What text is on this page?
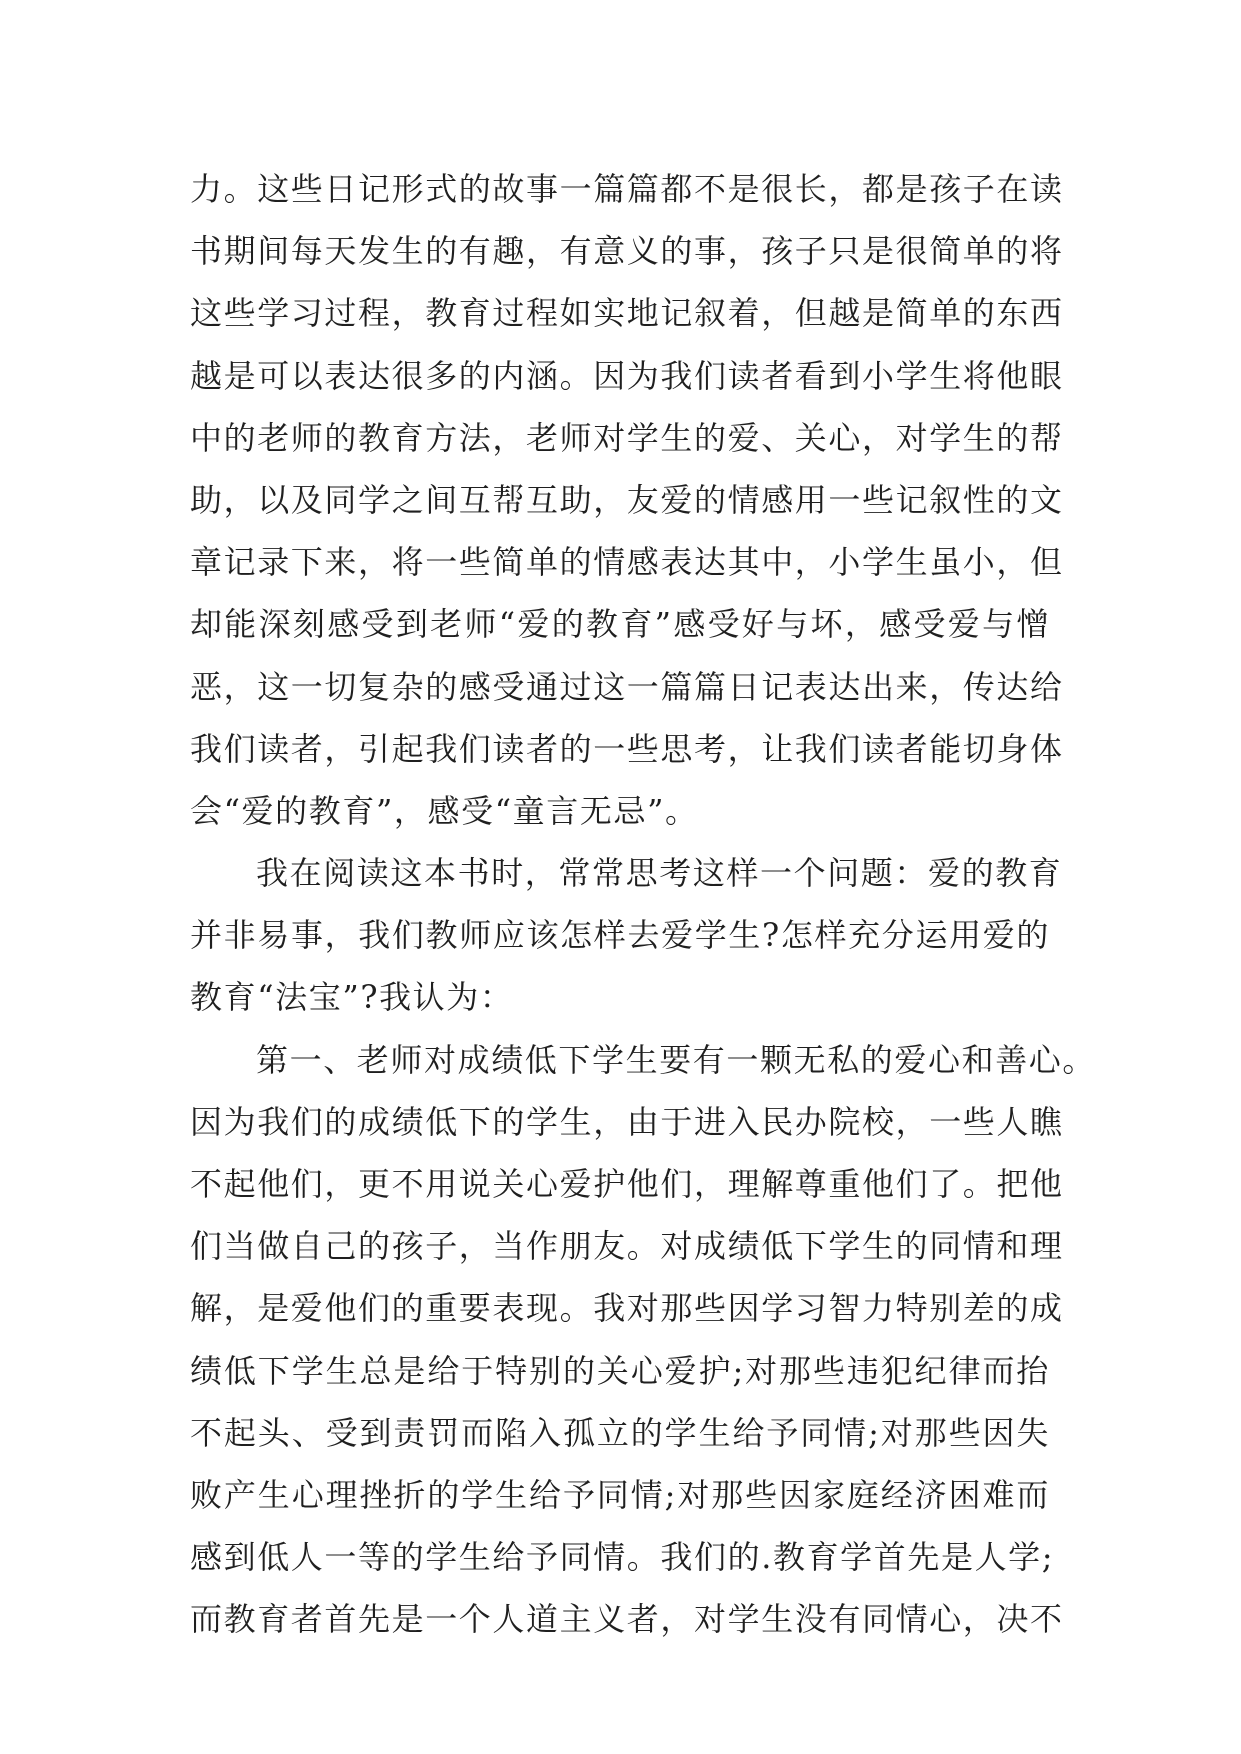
力。这些日记形式的故事一篇篇都不是很长，都是孩子在读
书期间每天发生的有趣，有意义的事，孩子只是很简单的将
这些学习过程，教育过程如实地记叙着，但越是简单的东西
越是可以表达很多的内涵。因为我们读者看到小学生将他眼
中的老师的教育方法，老师对学生的爱、关心，对学生的帮
助，以及同学之间互帮互助，友爱的情感用一些记叙性的文
章记录下来，将一些简单的情感表达其中，小学生虽小，但
却能深刻感受到老师“爱的教育”感受好与坏，感受爱与憎
恶，这一切复杂的感受通过这一篇篇日记表达出来，传达给
我们读者，引起我们读者的一些思考，让我们读者能切身体
会“爱的教育”，感受“童言无忌”。
我在阅读这本书时，常常思考这样一个问题：爱的教育
并非易事，我们教师应该怎样去爱学生?怎样充分运用爱的
教育“法宝”?我认为：
第一、老师对成绩低下学生要有一颗无私的爱心和善心。
因为我们的成绩低下的学生，由于进入民办院校，一些人瞧
不起他们，更不用说关心爱护他们，理解尊重他们了。把他
们当做自己的孩子，当作朋友。对成绩低下学生的同情和理
解，是爱他们的重要表现。我对那些因学习智力特别差的成
绩低下学生总是给于特别的关心爱护;对那些违犯纪律而抬
不起头、受到责罚而陷入孤立的学生给予同情;对那些因失
败产生心理挫折的学生给予同情;对那些因家庭经济困难而
感到低人一等的学生给予同情。我们的.教育学首先是人学;
而教育者首先是一个人道主义者，对学生没有同情心，决不
